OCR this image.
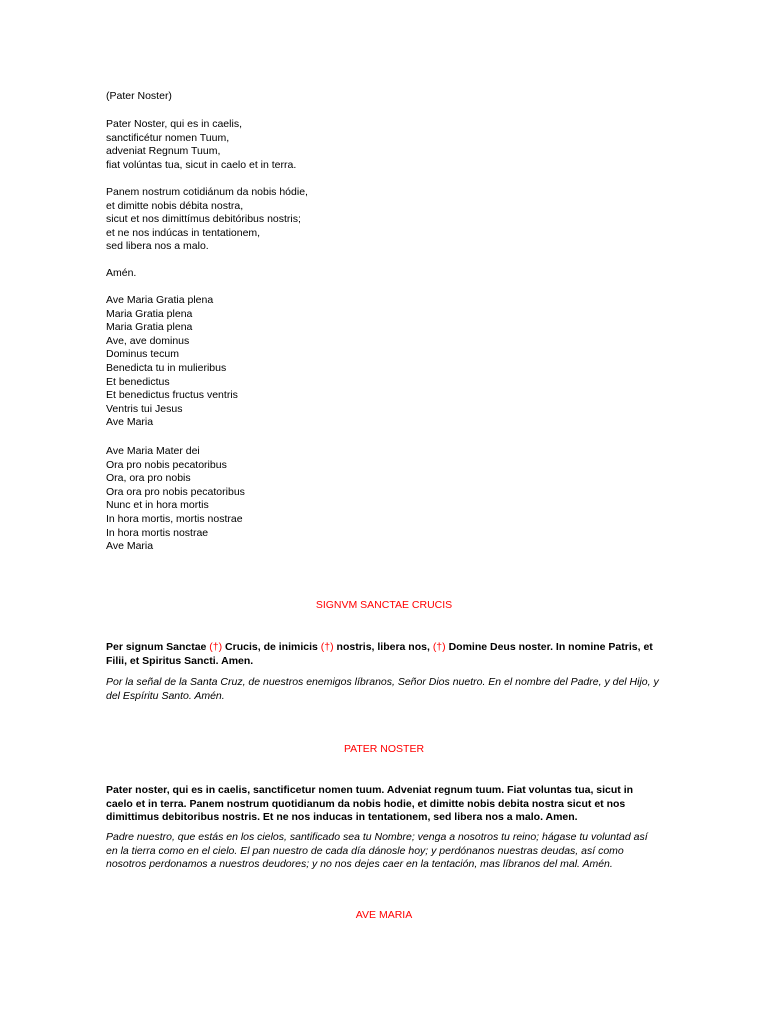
(Pater Noster)
Pater Noster, qui es in caelis,
sanctificétur nomen Tuum,
adveniat Regnum Tuum,
fiat volúntas tua, sicut in caelo et in terra.
Panem nostrum cotidiánum da nobis hódie,
et dimitte nobis débita nostra,
sicut et nos dimittímus debitóribus nostris;
et ne nos indúcas in tentationem,
sed libera nos a malo.
Amén.
Ave Maria Gratia plena
Maria Gratia plena
Maria Gratia plena
Ave, ave dominus
Dominus tecum
Benedicta tu in mulieribus
Et benedictus
Et benedictus fructus ventris
Ventris tui Jesus
Ave Maria
Ave Maria Mater dei
Ora pro nobis pecatoribus
Ora, ora pro nobis
Ora ora pro nobis pecatoribus
Nunc et in hora mortis
In hora mortis, mortis nostrae
In hora mortis nostrae
Ave Maria
SIGNVM SANCTAE CRUCIS
Per signum Sanctae (†) Crucis, de inimicis (†) nostris, libera nos, (†) Domine Deus noster. In nomine Patris, et Filii, et Spiritus Sancti. Amen.
Por la señal de la Santa Cruz, de nuestros enemigos líbranos, Señor Dios nuetro. En el nombre del Padre, y del Hijo, y del Espíritu Santo. Amén.
PATER NOSTER
Pater noster, qui es in caelis, sanctificetur nomen tuum. Adveniat regnum tuum. Fiat voluntas tua, sicut in caelo et in terra. Panem nostrum quotidianum da nobis hodie, et dimitte nobis debita nostra sicut et nos dimittimus debitoribus nostris. Et ne nos inducas in tentationem, sed libera nos a malo. Amen.
Padre nuestro, que estás en los cielos, santificado sea tu Nombre; venga a nosotros tu reino; hágase tu voluntad así en la tierra como en el cielo. El pan nuestro de cada día dánosle hoy; y perdónanos nuestras deudas, así como nosotros perdonamos a nuestros deudores; y no nos dejes caer en la tentación, mas líbranos del mal. Amén.
AVE MARIA
